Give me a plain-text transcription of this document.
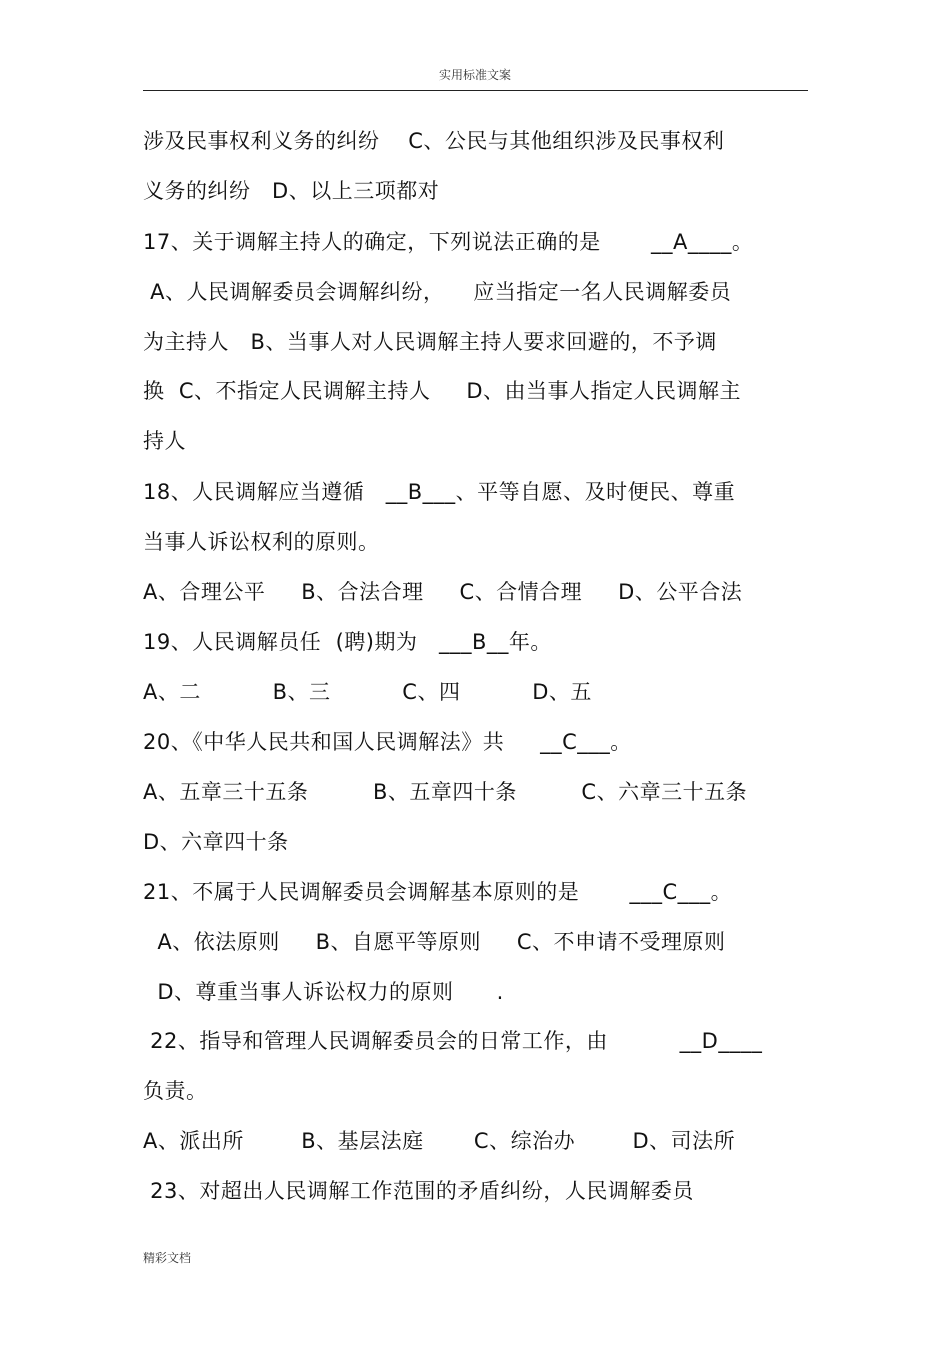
实用标准文案
涉及民事权利义务的纠纷    C、公民与其他组织涉及民事权利
义务的纠纷   D、以上三项都对
17、关于调解主持人的确定，下列说法正确的是       __A____。
A、人民调解委员会调解纠纷，    应当指定一名人民调解委员
为主持人   B、当事人对人民调解主持人要求回避的，不予调
换  C、不指定人民调解主持人     D、由当事人指定人民调解主
持人
18、人民调解应当遵循   __B___、平等自愿、及时便民、尊重
当事人诉讼权利的原则。
A、合理公平     B、合法合理     C、合情合理     D、公平合法
19、人民调解员任  (聘)期为   ___B__年。
A、二          B、三          C、四          D、五
20、《中华人民共和国人民调解法》共     __C___。
A、五章三十五条         B、五章四十条         C、六章三十五条
D、六章四十条
21、不属于人民调解委员会调解基本原则的是       ___C___。
A、依法原则     B、自愿平等原则     C、不申请不受理原则
D、尊重当事人诉讼权力的原则      .
22、指导和管理人民调解委员会的日常工作，由          __D____
负责。
A、派出所        B、基层法庭       C、综治办        D、司法所
23、对超出人民调解工作范围的矛盾纠纷，人民调解委员
精彩文档
